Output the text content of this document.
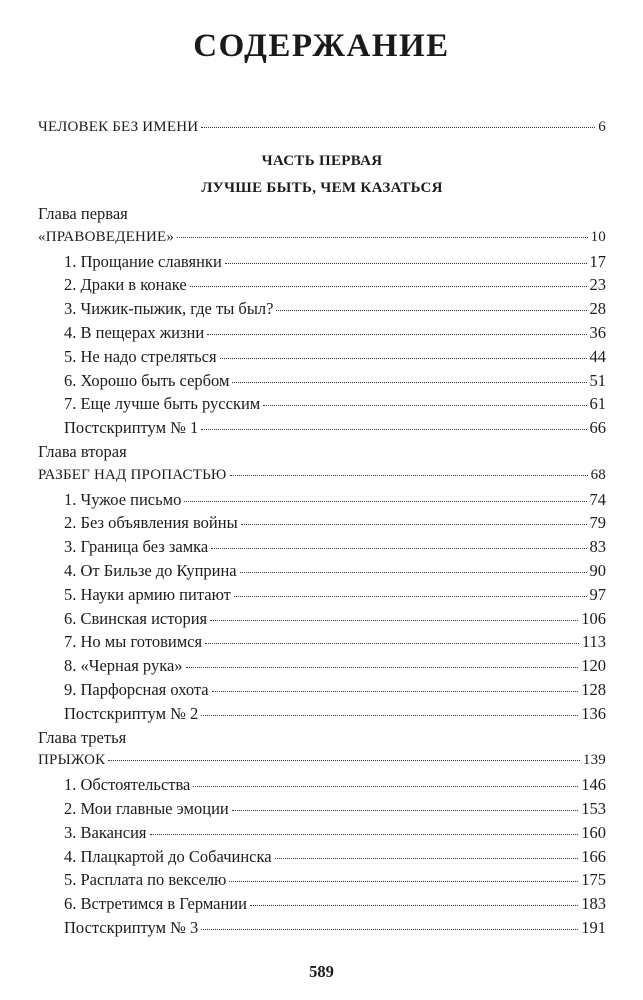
СОДЕРЖАНИЕ
ЧЕЛОВЕК БЕЗ ИМЕНИ	6
ЧАСТЬ ПЕРВАЯ
ЛУЧШЕ БЫТЬ, ЧЕМ КАЗАТЬСЯ
Глава первая
«ПРАВОВЕДЕНИЕ»	10
1. Прощание славянки	17
2. Драки в конаке	23
3. Чижик-пыжик, где ты был?	28
4. В пещерах жизни	36
5. Не надо стреляться	44
6. Хорошо быть сербом	51
7. Еще лучше быть русским	61
Постскриптум № 1	66
Глава вторая
РАЗБЕГ НАД ПРОПАСТЬЮ	68
1. Чужое письмо	74
2. Без объявления войны	79
3. Граница без замка	83
4. От Бильзе до Куприна	90
5. Науки армию питают	97
6. Свинская история	106
7. Но мы готовимся	113
8. «Черная рука»	120
9. Парфорсная охота	128
Постскриптум № 2	136
Глава третья
ПРЫЖОК	139
1. Обстоятельства	146
2. Мои главные эмоции	153
3. Вакансия	160
4. Плацкартой до Собачинска	166
5. Расплата по векселю	175
6. Встретимся в Германии	183
Постскриптум № 3	191
589
